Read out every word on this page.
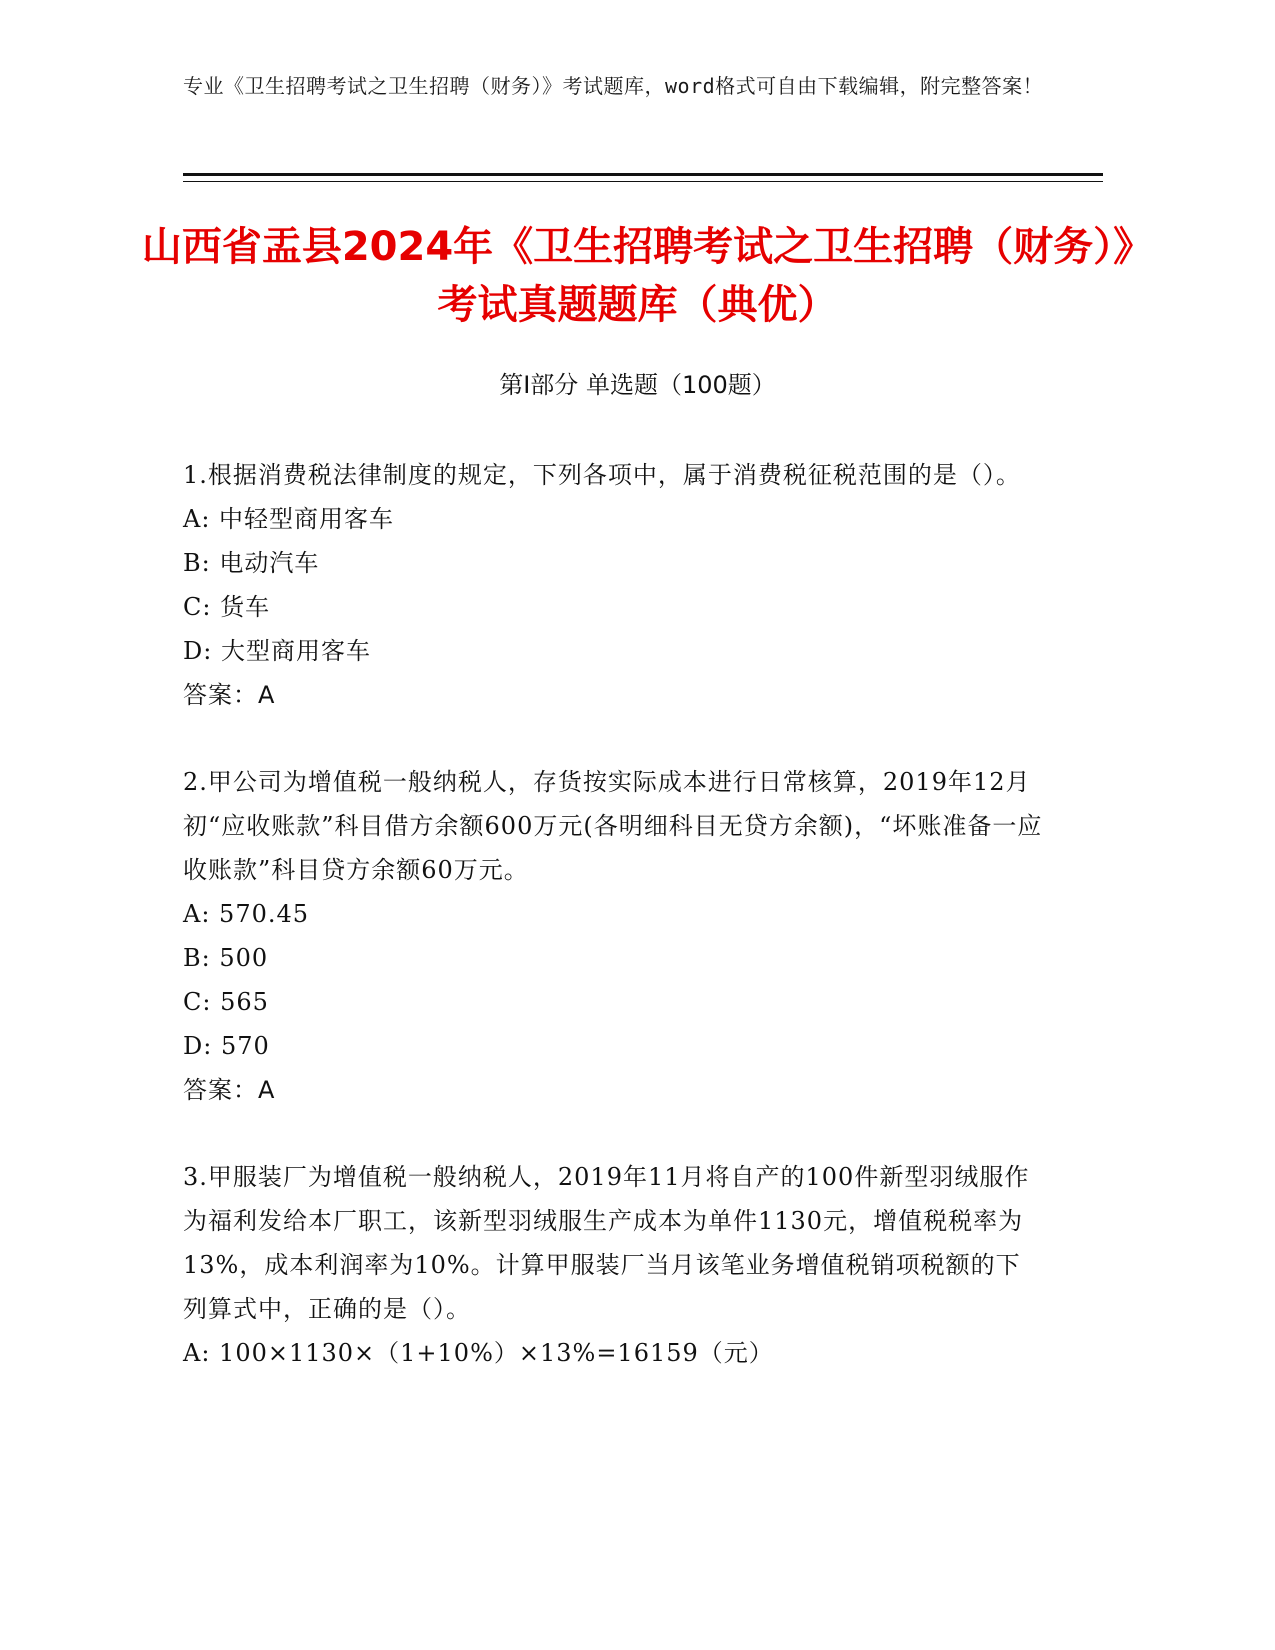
专业《卫生招聘考试之卫生招聘（财务）》考试题库，word格式可自由下载编辑，附完整答案！
山西省盂县2024年《卫生招聘考试之卫生招聘（财务）》考试真题题库（典优）
第Ⅰ部分 单选题（100题）

1.根据消费税法律制度的规定，下列各项中，属于消费税征税范围的是（）。

A: 中轻型商用客车

B: 电动汽车

C: 货车

D: 大型商用客车

答案：A

2.甲公司为增值税一般纳税人，存货按实际成本进行日常核算，2019年12月初“应收账款”科目借方余额600万元(各明细科目无贷方余额)，“坏账准备一应收账款”科目贷方余额60万元。

A: 570.45

B: 500

C: 565

D: 570

答案：A

3.甲服装厂为增值税一般纳税人，2019年11月将自产的100件新型羽绒服作为福利发给本厂职工，该新型羽绒服生产成本为单件1130元，增值税税率为13%，成本利润率为10%。计算甲服装厂当月该笔业务增值税销项税额的下列算式中，正确的是（）。

A: 100×1130×（1+10%）×13%=16159（元）
